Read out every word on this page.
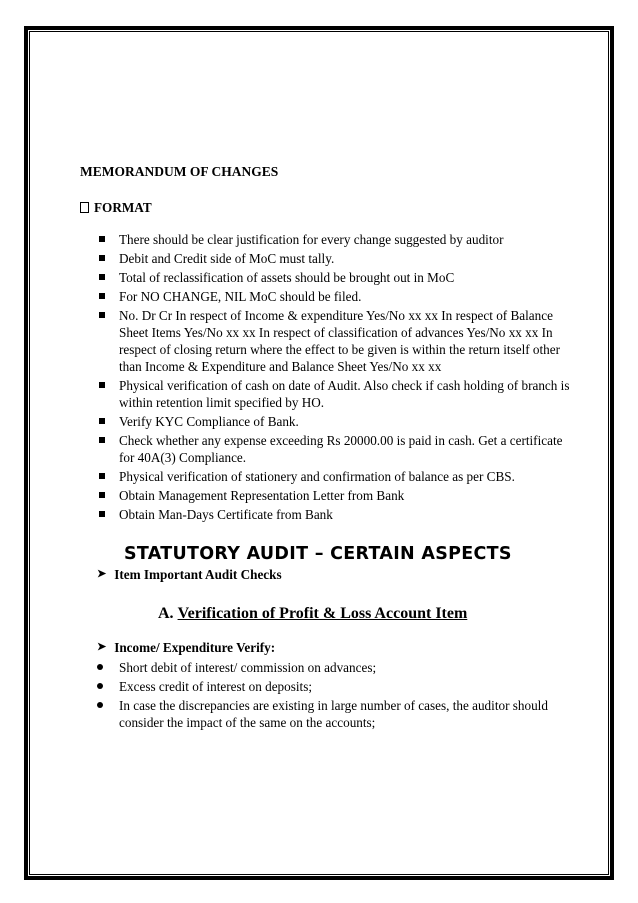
MEMORANDUM OF CHANGES

FORMAT
There should be clear justification for every change suggested by auditor
Debit and Credit side of MoC must tally.
Total of reclassification of assets should be brought out in MoC
For NO CHANGE, NIL MoC should be filed.
No. Dr Cr In respect of Income & expenditure Yes/No xx xx In respect of Balance Sheet Items Yes/No xx xx In respect of classification of advances Yes/No xx xx In respect of closing return where the effect to be given is within the return itself other than Income & Expenditure and Balance Sheet Yes/No xx xx
Physical verification of cash on date of Audit. Also check if cash holding of branch is within retention limit specified by HO.
Verify KYC Compliance of Bank.
Check whether any expense exceeding Rs 20000.00 is paid in cash. Get a certificate for 40A(3) Compliance.
Physical verification of stationery and confirmation of balance as per CBS.
Obtain Management Representation Letter from Bank
Obtain Man-Days Certificate from Bank
STATUTORY AUDIT – CERTAIN ASPECTS
➤ Item Important Audit Checks
A. Verification of Profit & Loss Account Item
➤ Income/ Expenditure Verify:
Short debit of interest/ commission on advances;
Excess credit of interest on deposits;
In case the discrepancies are existing in large number of cases, the auditor should consider the impact of the same on the accounts;
